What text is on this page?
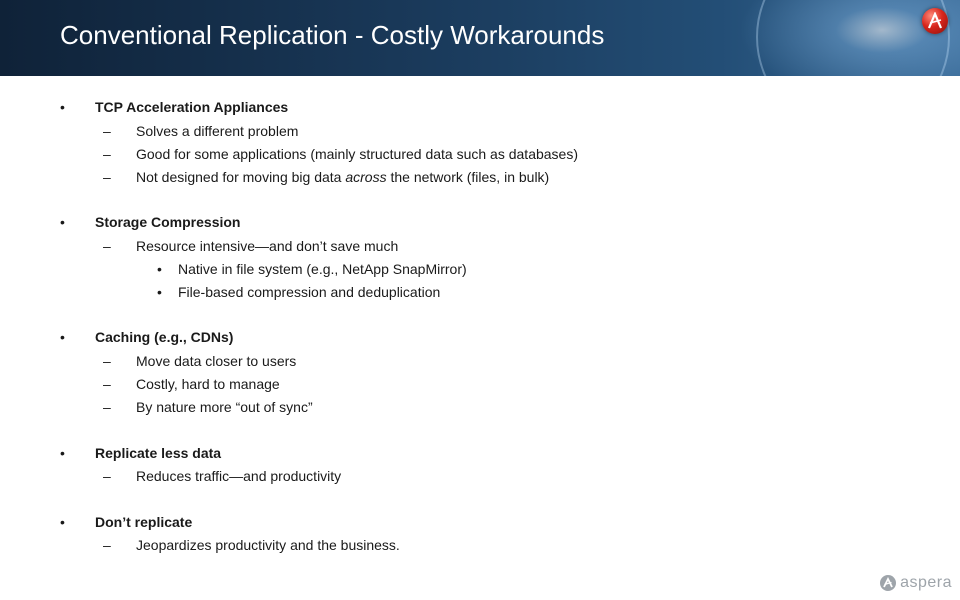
Conventional Replication - Costly Workarounds
• TCP Acceleration Appliances
– Solves a different problem
– Good for some applications (mainly structured data such as databases)
– Not designed for moving big data across the network (files, in bulk)
• Storage Compression
– Resource intensive—and don’t save much
• Native in file system (e.g., NetApp SnapMirror)
• File-based compression and deduplication
• Caching (e.g., CDNs)
– Move data closer to users
– Costly, hard to manage
– By nature more “out of sync”
• Replicate less data
– Reduces traffic—and productivity
• Don’t replicate
– Jeopardizes productivity and the business.
aspera
